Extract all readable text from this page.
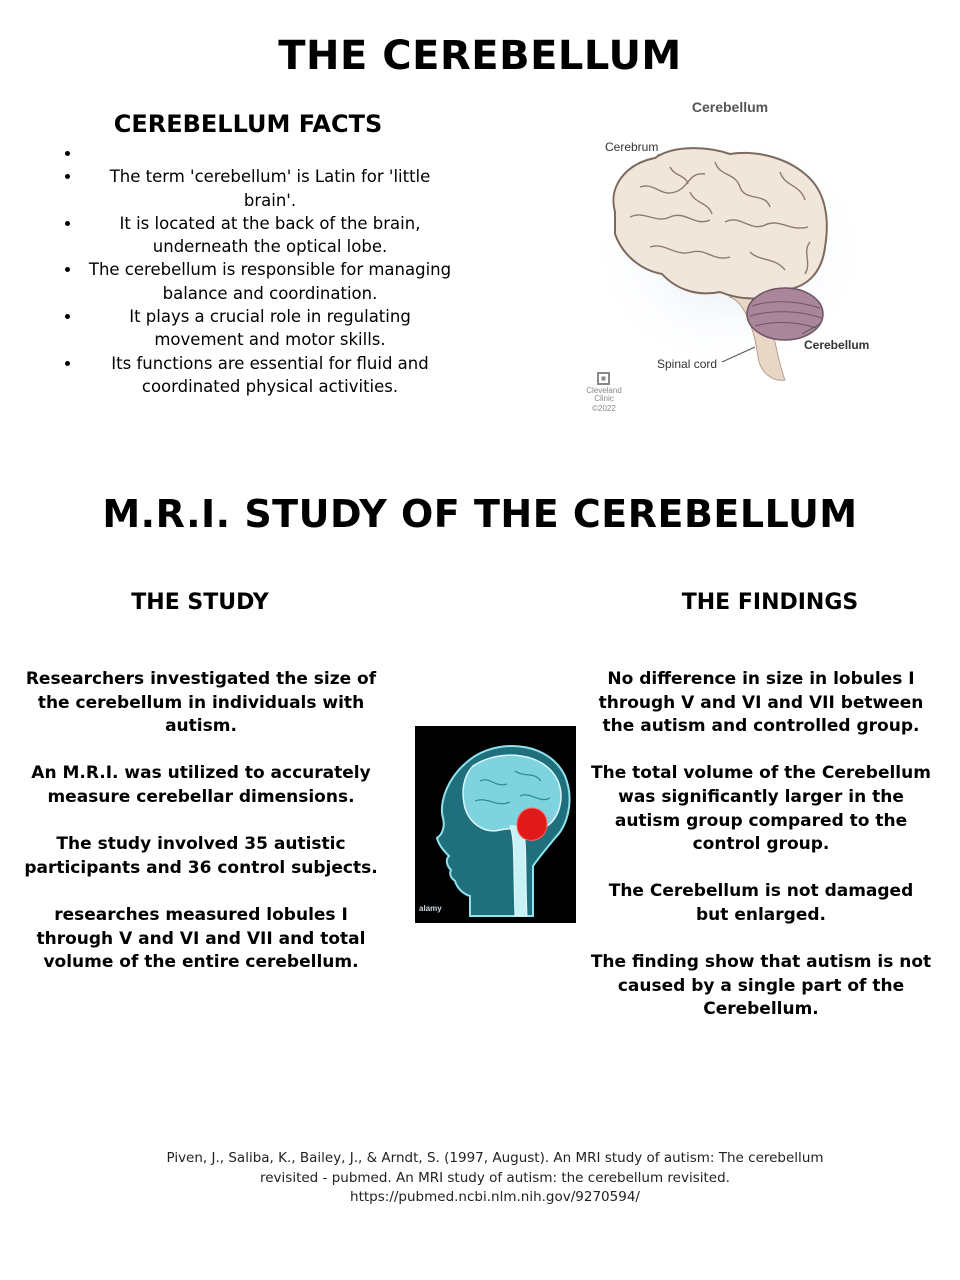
THE CEREBELLUM
CEREBELLUM FACTS
•
• The term 'cerebellum' is Latin for 'little brain'.
• It is located at the back of the brain, underneath the optical lobe.
• The cerebellum is responsible for managing balance and coordination.
• It plays a crucial role in regulating movement and motor skills.
• Its functions are essential for fluid and coordinated physical activities.
Cerebellum
Cerebrum
Cerebellum
Spinal cord
Cleveland
Clinic
©2022
M.R.I. STUDY OF THE CEREBELLUM
THE STUDY	THE FINDINGS

Researchers investigated the size of the cerebellum in individuals with autism.

An M.R.I. was utilized to accurately measure cerebellar dimensions.

The study involved 35 autistic participants and 36 control subjects.

researches measured lobules I through V and VI and VII and total volume of the entire cerebellum.

alamy

No difference in size in lobules I through V and VI and VII between the autism and controlled group.

The total volume of the Cerebellum was significantly larger in the autism group compared to the control group.

The Cerebellum is not damaged but enlarged.

The finding show that autism is not caused by a single part of the Cerebellum.

Piven, J., Saliba, K., Bailey, J., & Arndt, S. (1997, August). An MRI study of autism: The cerebellum
revisited - pubmed. An MRI study of autism: the cerebellum revisited.
https://pubmed.ncbi.nlm.nih.gov/9270594/
